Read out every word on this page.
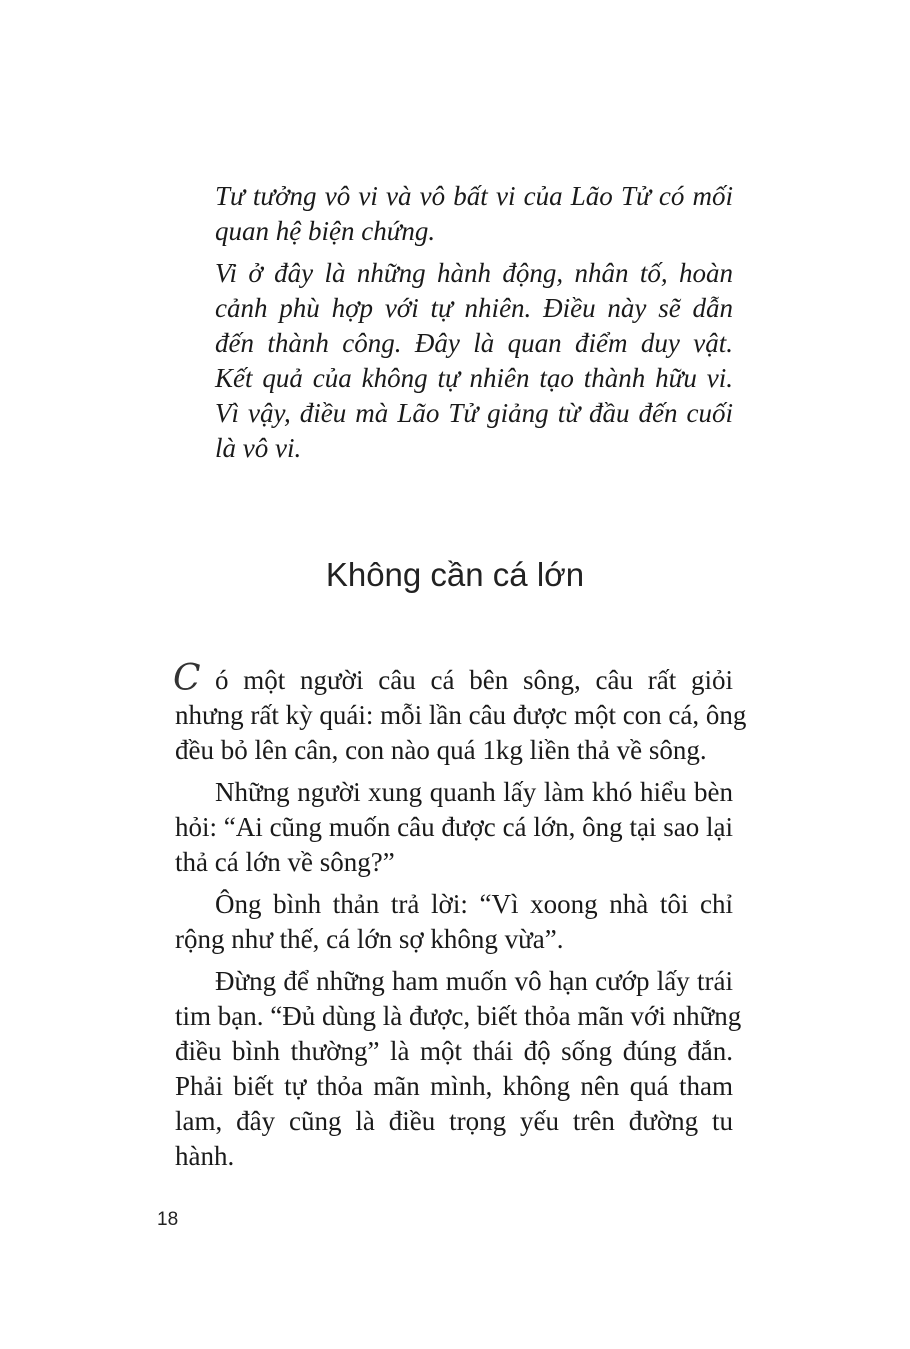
Tư tưởng vô vi và vô bất vi của Lão Tử có mối
quan hệ biện chứng.
Vi ở đây là những hành động, nhân tố, hoàn
cảnh phù hợp với tự nhiên. Điều này sẽ dẫn
đến thành công. Đây là quan điểm duy vật.
Kết quả của không tự nhiên tạo thành hữu vi.
Vì vậy, điều mà Lão Tử giảng từ đầu đến cuối
là vô vi.
Không cần cá lớn
C ó một người câu cá bên sông, câu rất giỏi
nhưng rất kỳ quái: mỗi lần câu được một con cá, ông
đều bỏ lên cân, con nào quá 1kg liền thả về sông.
Những người xung quanh lấy làm khó hiểu bèn
hỏi: “Ai cũng muốn câu được cá lớn, ông tại sao lại
thả cá lớn về sông?”
Ông bình thản trả lời: “Vì xoong nhà tôi chỉ
rộng như thế, cá lớn sợ không vừa”.
Đừng để những ham muốn vô hạn cướp lấy trái
tim bạn. “Đủ dùng là được, biết thỏa mãn với những
điều bình thường” là một thái độ sống đúng đắn.
Phải biết tự thỏa mãn mình, không nên quá tham
lam, đây cũng là điều trọng yếu trên đường tu
hành.
18
